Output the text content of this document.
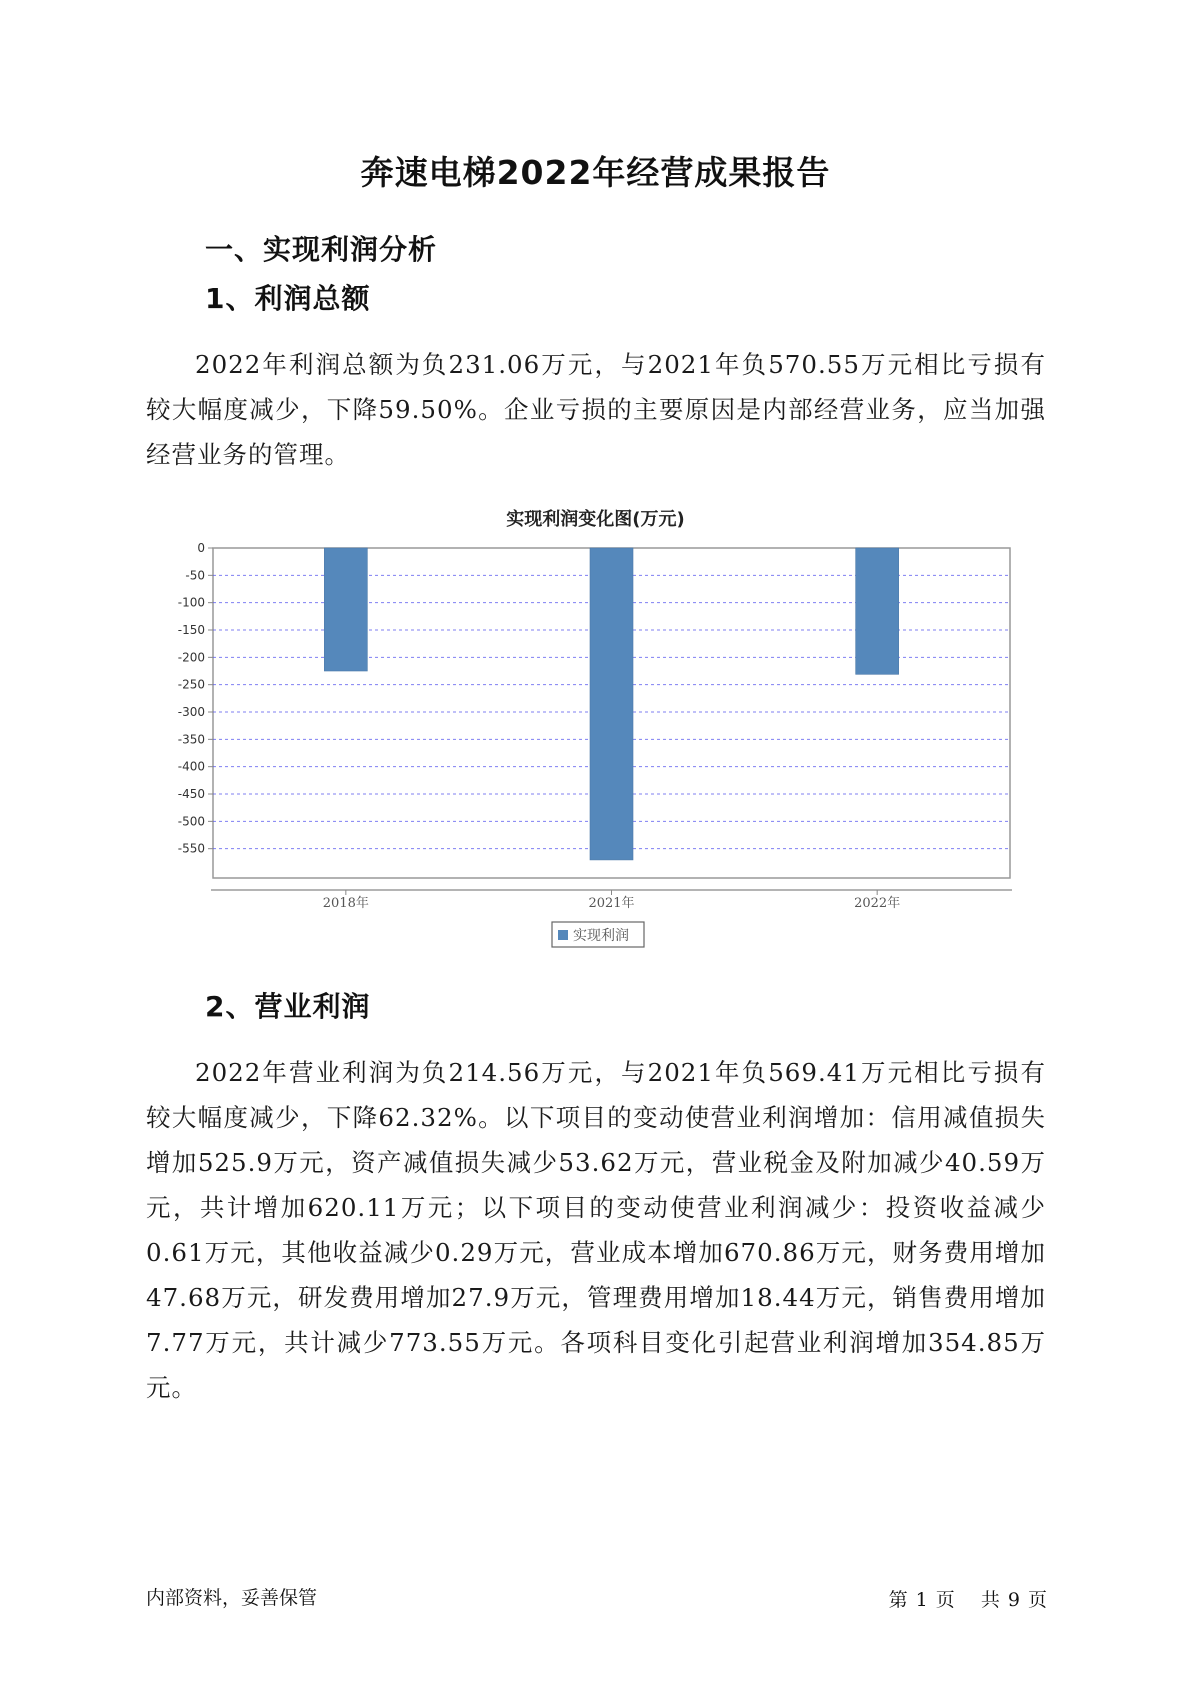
奔速电梯2022年经营成果报告
一、实现利润分析
1、利润总额
2022年利润总额为负231.06万元，与2021年负570.55万元相比亏损有较大幅度减少，下降59.50%。企业亏损的主要原因是内部经营业务，应当加强经营业务的管理。
实现利润变化图(万元)
0
-50
-100
-150
-200
-250
-300
-350
-400
-450
-500
-550
2018年	2021年	2022年
实现利润
2、营业利润
2022年营业利润为负214.56万元，与2021年负569.41万元相比亏损有较大幅度减少，下降62.32%。以下项目的变动使营业利润增加：信用减值损失增加525.9万元，资产减值损失减少53.62万元，营业税金及附加减少40.59万元，共计增加620.11万元；以下项目的变动使营业利润减少：投资收益减少0.61万元，其他收益减少0.29万元，营业成本增加670.86万元，财务费用增加47.68万元，研发费用增加27.9万元，管理费用增加18.44万元，销售费用增加7.77万元，共计减少773.55万元。各项科目变化引起营业利润增加354.85万元。
内部资料，妥善保管	第 1 页 共 9 页
